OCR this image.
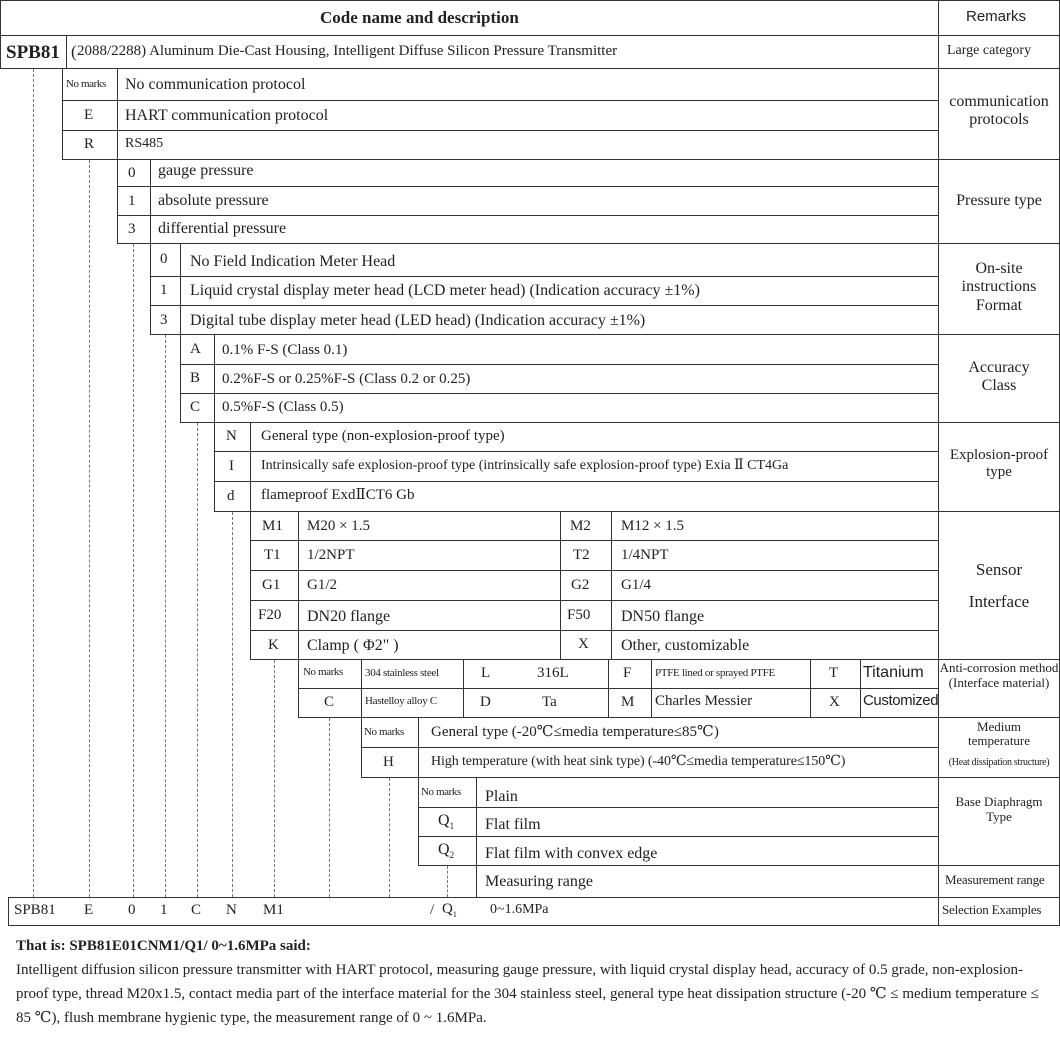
Code name and description	Remarks
SPB81 ( 2088/2288) Aluminum Die-Cast Housing, Intelligent Diffuse Silicon Pressure Transmitter	Large category
No marks No communication protocol
E HART communication protocol
R RS485
communication protocols
0 gauge pressure
1 absolute pressure
3 differential pressure
Pressure type
0 No Field Indication Meter Head
1 Liquid crystal display meter head (LCD meter head) (Indication accuracy ±1%)
3 Digital tube display meter head (LED head) (Indication accuracy ±1%)
On-site instructions Format
A 0.1% F-S (Class 0.1)
B 0.2%F-S or 0.25%F-S (Class 0.2 or 0.25)
C 0.5%F-S (Class 0.5)
Accuracy Class
N General type (non-explosion-proof type)
I Intrinsically safe explosion-proof type (intrinsically safe explosion-proof type) Exia Ⅱ CT4Ga
d flameproof ExdⅡCT6 Gb
Explosion-proof type
M1 M20 × 1.5	M2 M12 × 1.5
T1 1/2NPT	T2 1/4NPT
G1 G1/2	G2 G1/4
F20 DN20 flange	F50 DN50 flange
K Clamp ( Φ2" )	X Other, customizable
Sensor
Interface
No marks 304 stainless steel	L	316L	F PTFE lined or sprayed PTFE	T Titanium
C	Hastelloy alloy C	D	Ta	M Charles Messier	X Customized
Anti-corrosion method (Interface material)
No marks General type (-20℃≤media temperature≤85℃)
H	High temperature (with heat sink type) (-40℃≤media temperature≤150℃)
Medium temperature
(Heat dissipation structure)
No marks Plain
$Q_1$ Flat film
$Q_2$ Flat film with convex edge
Base Diaphragm Type
Measuring range	Measurement range
SPB81 E 0 1 C N M1	/ $Q_1$ 0~1.6MPa	Selection Examples
That is: SPB81E01CNM1/Q1/ 0~1.6MPa said:
Intelligent diffusion silicon pressure transmitter with HART protocol, measuring gauge pressure, with liquid crystal display head, accuracy of 0.5 grade, non-explosion-proof type, thread M20x1.5, contact media part of the interface material for the 304 stainless steel, general type heat dissipation structure (-20 ℃ ≤ medium temperature ≤ 85 ℃), flush membrane hygienic type, the measurement range of 0 ~ 1.6MPa.
